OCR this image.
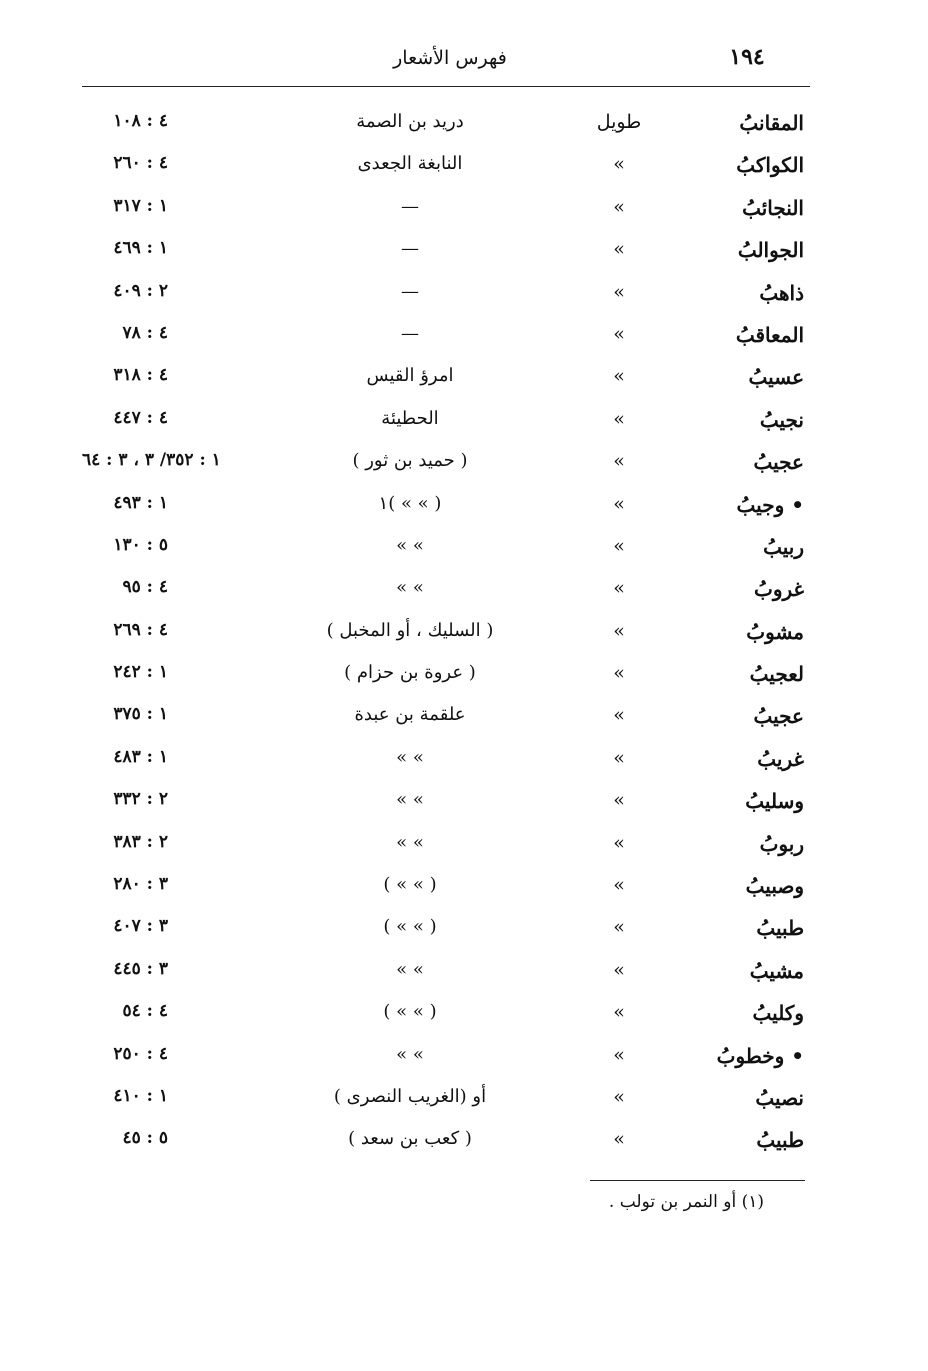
١٩٤
فهرس الأشعار
المقانبُ
طويل
دريد بن الصمة
٤ : ١٠٨
الكواكبُ
»
النابغة الجعدى
٤ : ٢٦٠
النجائبُ
»
—
١ : ٣١٧
الجوالبُ
»
—
١ : ٤٦٩
ذاهبُ
»
—
٢ : ٤٠٩
المعاقبُ
»
—
٤ : ٧٨
عسيبُ
»
امرؤ القيس
٤ : ٣١٨
نجيبُ
»
الحطيئة
٤ : ٤٤٧
عجيبُ
»
( حميد بن ثور )
١ : ٣٥٢/ ٣ ، ٣ : ٦٤
• وجيبُ
»
( » » )١
١ : ٤٩٣
ربيبُ
»
» »
٥ : ١٣٠
غروبُ
»
» »
٤ : ٩٥
مشوبُ
»
( السليك ، أو المخبل )
٤ : ٢٦٩
لعجيبُ
»
( عروة بن حزام )
١ : ٢٤٢
عجيبُ
»
علقمة بن عبدة
١ : ٣٧٥
غريبُ
»
» »
١ : ٤٨٣
وسليبُ
»
» »
٢ : ٣٣٢
ربوبُ
»
» »
٢ : ٣٨٣
وصبيبُ
»
( » » )
٣ : ٢٨٠
طبيبُ
»
( » » )
٣ : ٤٠٧
مشيبُ
»
» »
٣ : ٤٤٥
وكليبُ
»
( » » )
٤ : ٥٤
• وخطوبُ
»
» »
٤ : ٢٥٠
نصيبُ
»
أو (الغريب النصرى )
١ : ٤١٠
طبيبُ
»
( كعب بن سعد )
٥ : ٤٥
(١) أو النمر بن تولب .
